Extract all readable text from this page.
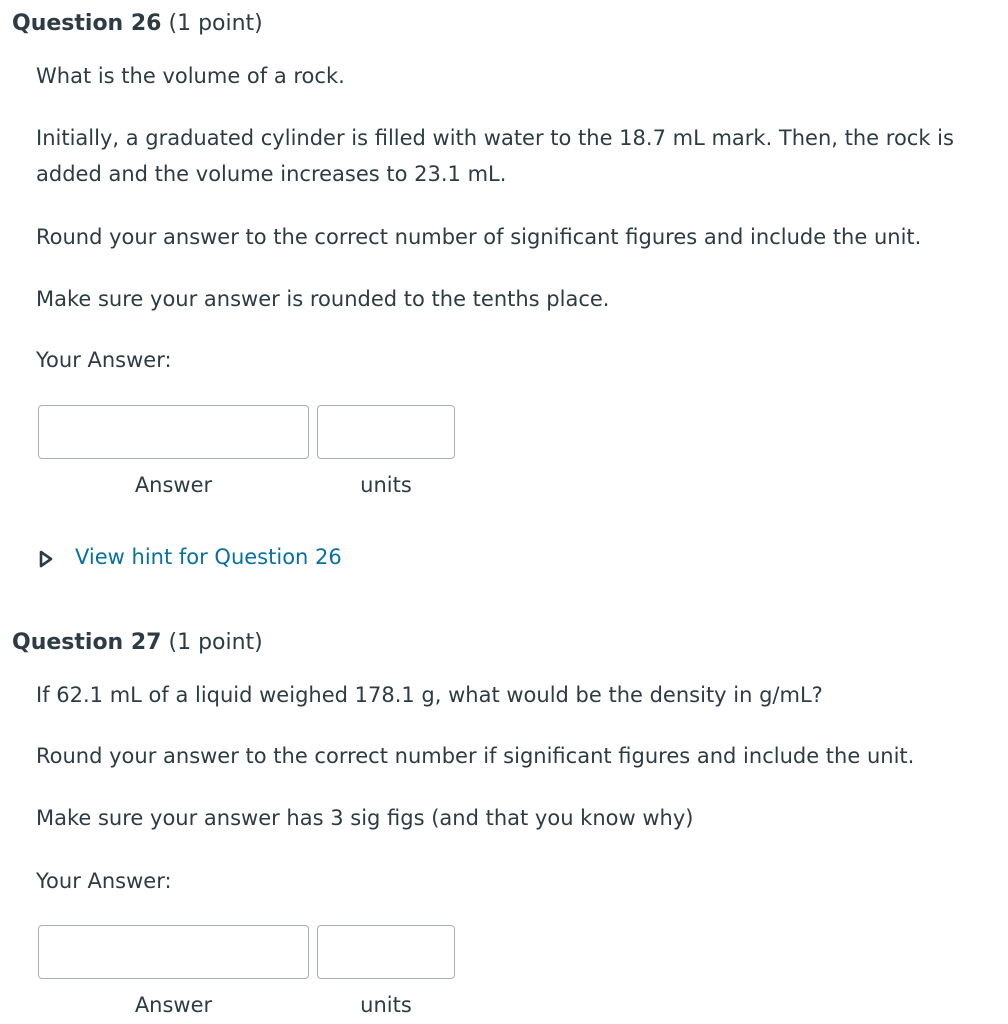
Question 26 (1 point)

What is the volume of a rock.

Initially, a graduated cylinder is filled with water to the 18.7 mL mark. Then, the rock is added and the volume increases to 23.1 mL.

Round your answer to the correct number of significant figures and include the unit.

Make sure your answer is rounded to the tenths place.

Your Answer:

Answer	units
View hint for Question 26
Question 27 (1 point)

If 62.1 mL of a liquid weighed 178.1 g, what would be the density in g/mL?

Round your answer to the correct number if significant figures and include the unit.

Make sure your answer has 3 sig figs (and that you know why)

Your Answer:

Answer	units
